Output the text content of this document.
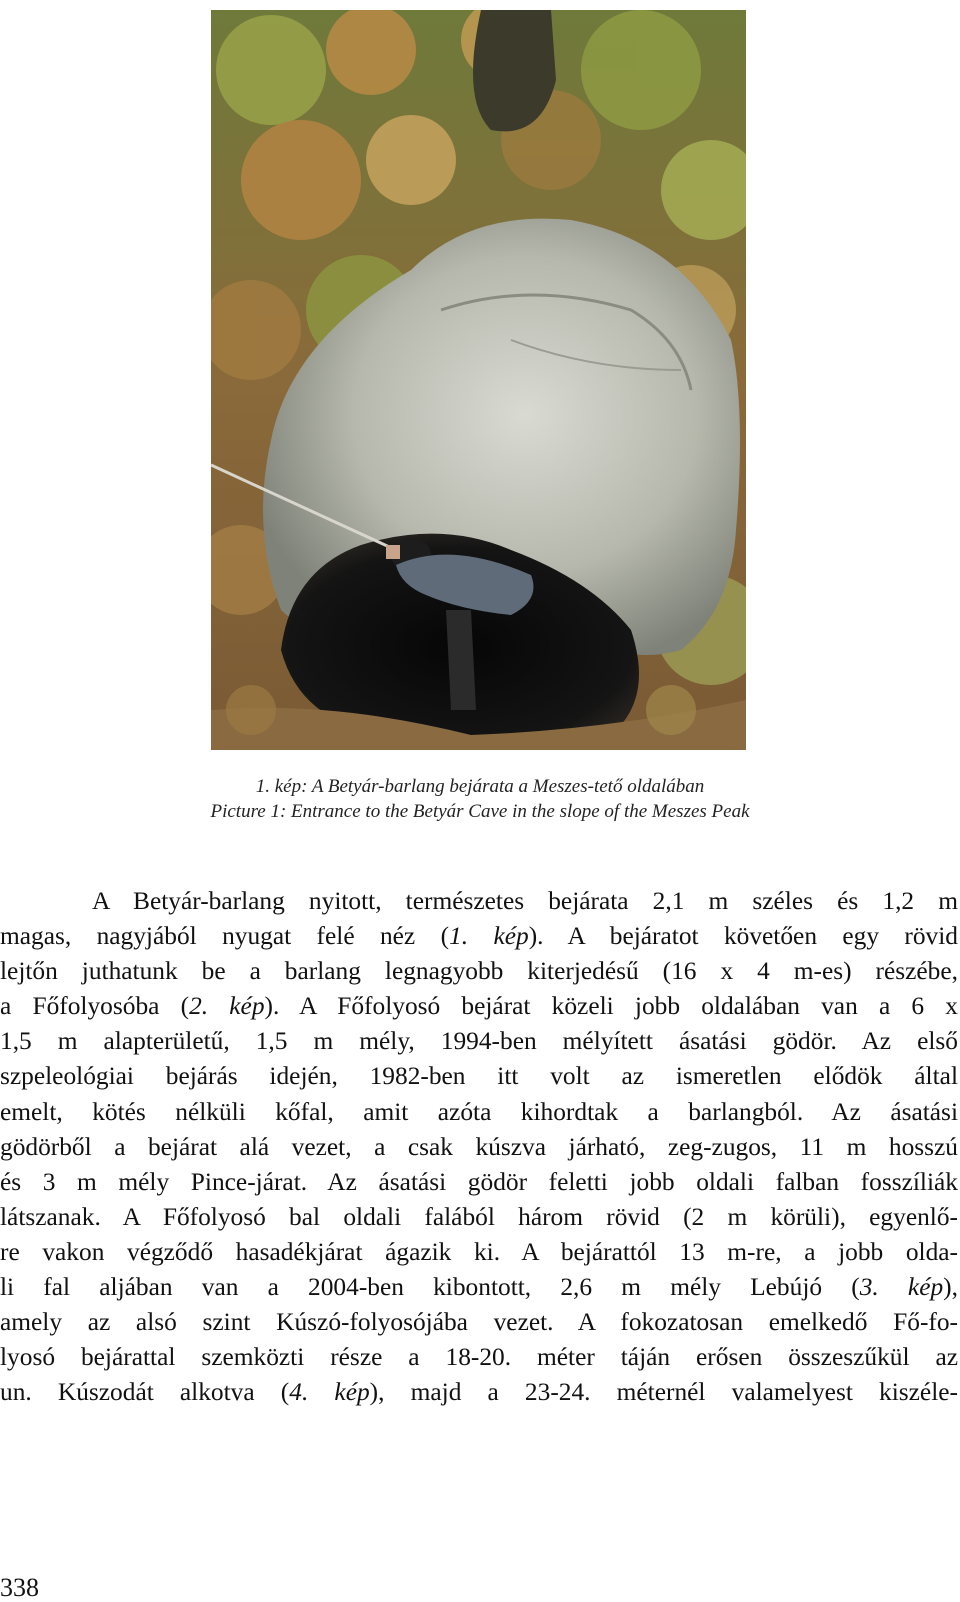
1. kép: A Betyár-barlang bejárata a Meszes-tető oldalában
Picture 1: Entrance to the Betyár Cave in the slope of the Meszes Peak
A Betyár-barlang nyitott, természetes bejárata 2,1 m széles és 1,2 m
magas, nagyjából nyugat felé néz (1. kép). A bejáratot követően egy rövid
lejtőn juthatunk be a barlang legnagyobb kiterjedésű (16 x 4 m-es) részébe,
a Főfolyosóba (2. kép). A Főfolyosó bejárat közeli jobb oldalában van a 6 x
1,5 m alapterületű, 1,5 m mély, 1994-ben mélyített ásatási gödör. Az első
szpeleológiai bejárás idején, 1982-ben itt volt az ismeretlen elődök által
emelt, kötés nélküli kőfal, amit azóta kihordtak a barlangból. Az ásatási
gödörből a bejárat alá vezet, a csak kúszva járható, zeg-zugos, 11 m hosszú
és 3 m mély Pince-járat. Az ásatási gödör feletti jobb oldali falban fosszíliák
látszanak. A Főfolyosó bal oldali falából három rövid (2 m körüli), egyenlő-
re vakon végződő hasadékjárat ágazik ki. A bejárattól 13 m-re, a jobb olda-
li fal aljában van a 2004-ben kibontott, 2,6 m mély Lebújó (3. kép),
amely az alsó szint Kúszó-folyosójába vezet. A fokozatosan emelkedő Fő-fo-
lyosó bejárattal szemközti része a 18-20. méter táján erősen összeszűkül az
un. Kúszodát alkotva (4. kép), majd a 23-24. méternél valamelyest kiszéle-
338
